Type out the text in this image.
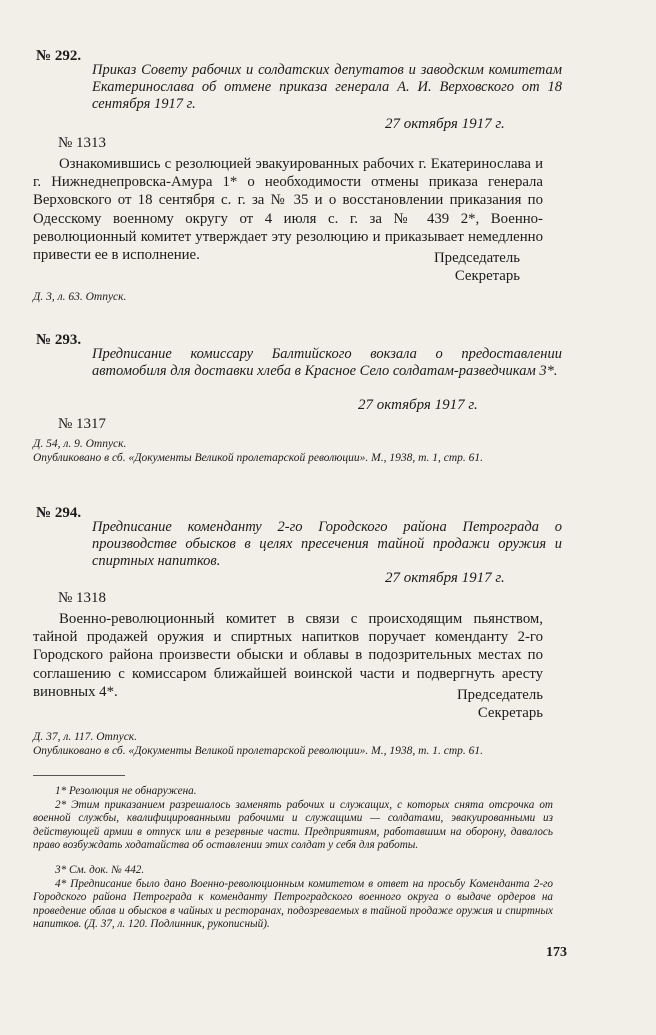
№ 292.
Приказ Совету рабочих и солдатских депутатов и заводским комитетам Екатеринослава об отмене приказа генерала А. И. Верховского от 18 сентября 1917 г.
27 октября 1917 г.
№ 1313
Ознакомившись с резолюцией эвакуированных рабочих г. Екатеринослава и г. Нижнеднепровска-Амура 1* о необходимости отмены приказа генерала Верховского от 18 сентября с. г. за № 35 и о восстановлении приказания по Одесскому военному округу от 4 июля с. г. за № 439 2*, Военно-революционный комитет утверждает эту резолюцию и приказывает немедленно привести ее в исполнение.	Председатель
Секретарь
Д. 3, л. 63. Отпуск.
№ 293.
Предписание комиссару Балтийского вокзала о предоставлении автомобиля для доставки хлеба в Красное Село солдатам-разведчикам 3*.
27 октября 1917 г.
№ 1317
Д. 54, л. 9. Отпуск.
Опубликовано в сб. «Документы Великой пролетарской революции». М., 1938, т. 1, стр. 61.
№ 294.
Предписание коменданту 2-го Городского района Петрограда о производстве обысков в целях пресечения тайной продажи оружия и спиртных напитков.
27 октября 1917 г.
№ 1318
Военно-революционный комитет в связи с происходящим пьянством, тайной продажей оружия и спиртных напитков поручает коменданту 2-го Городского района произвести обыски и облавы в подозрительных местах по соглашению с комиссаром ближайшей воинской части и подвергнуть аресту виновных 4*.	Председатель
Секретарь
Д. 37, л. 117. Отпуск.
Опубликовано в сб. «Документы Великой пролетарской революции». М., 1938, т. 1. стр. 61.
1* Резолюция не обнаружена.
2* Этим приказанием разрешалось заменять рабочих и служащих, с которых снята отсрочка от военной службы, квалифицированными рабочими и служащими — солдатами, эвакуированными из действующей армии в отпуск или в резервные части. Предприятиям, работавшим на оборону, давалось право возбуждать ходатайства об оставлении этих солдат у себя для работы.
3* См. док. № 442.
4* Предписание было дано Военно-революционным комитетом в ответ на просьбу Коменданта 2-го Городского района Петрограда к коменданту Петроградского военного округа о выдаче ордеров на проведение облав и обысков в чайных и ресторанах, подозреваемых в тайной продаже оружия и спиртных напитков. (Д. 37, л. 120. Подлинник, рукописный).
173
